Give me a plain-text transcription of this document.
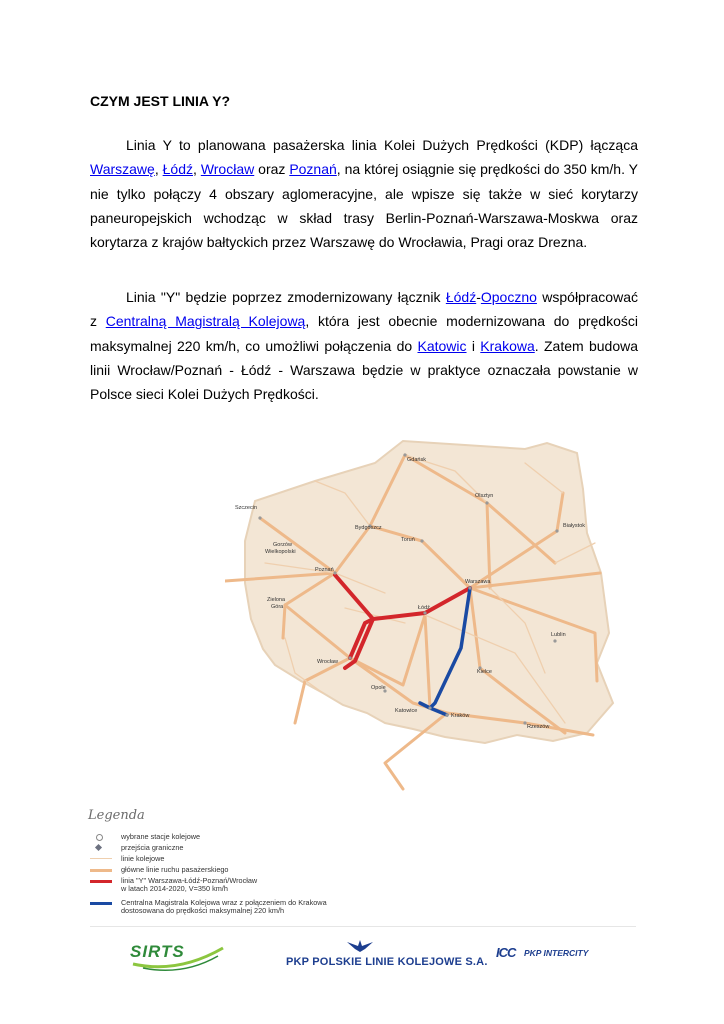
CZYM JEST LINIA Y?

Linia Y to planowana pasażerska linia Kolei Dużych Prędkości (KDP) łącząca Warszawę, Łódź, Wrocław oraz Poznań, na której osiągnie się prędkości do 350 km/h. Y nie tylko połączy 4 obszary aglomeracyjne, ale wpisze się także w sieć korytarzy paneuropejskich wchodząc w skład trasy Berlin-Poznań-Warszawa-Moskwa oraz korytarza z krajów bałtyckich przez Warszawę do Wrocławia, Pragi oraz Drezna.

Linia "Y" będzie poprzez zmodernizowany łącznik Łódź-Opoczno współpracować z Centralną Magistralą Kolejową, która jest obecnie modernizowana do prędkości maksymalnej 220 km/h, co umożliwi połączenia do Katowic i Krakowa. Zatem budowa linii Wrocław/Poznań - Łódź - Warszawa będzie w praktyce oznaczała powstanie w Polsce sieci Kolei Dużych Prędkości.

Gdańsk
Olsztyn
Szczecin
Bydgoszcz
Toruń
Białystok
Gorzów
Wielkopolski
Poznań
Warszawa
Zielona
Góra	Łódź
Lublin
Wrocław
Kielce
Opole
Katowice
Kraków
Rzeszów
Legenda
wybrane stacje kolejowe
przejścia graniczne
linie kolejowe
główne linie ruchu pasażerskiego
linia "Y" Warszawa-Łódź-Poznań/Wrocław
w latach 2014-2020, V=350 km/h
Centralna Magistrala Kolejowa wraz z połączeniem do Krakowa
dostosowana do prędkości maksymalnej 220 km/h
SIRTS
PKP POLSKIE LINIE KOLEJOWE S.A.
ICC PKP INTERCITY
